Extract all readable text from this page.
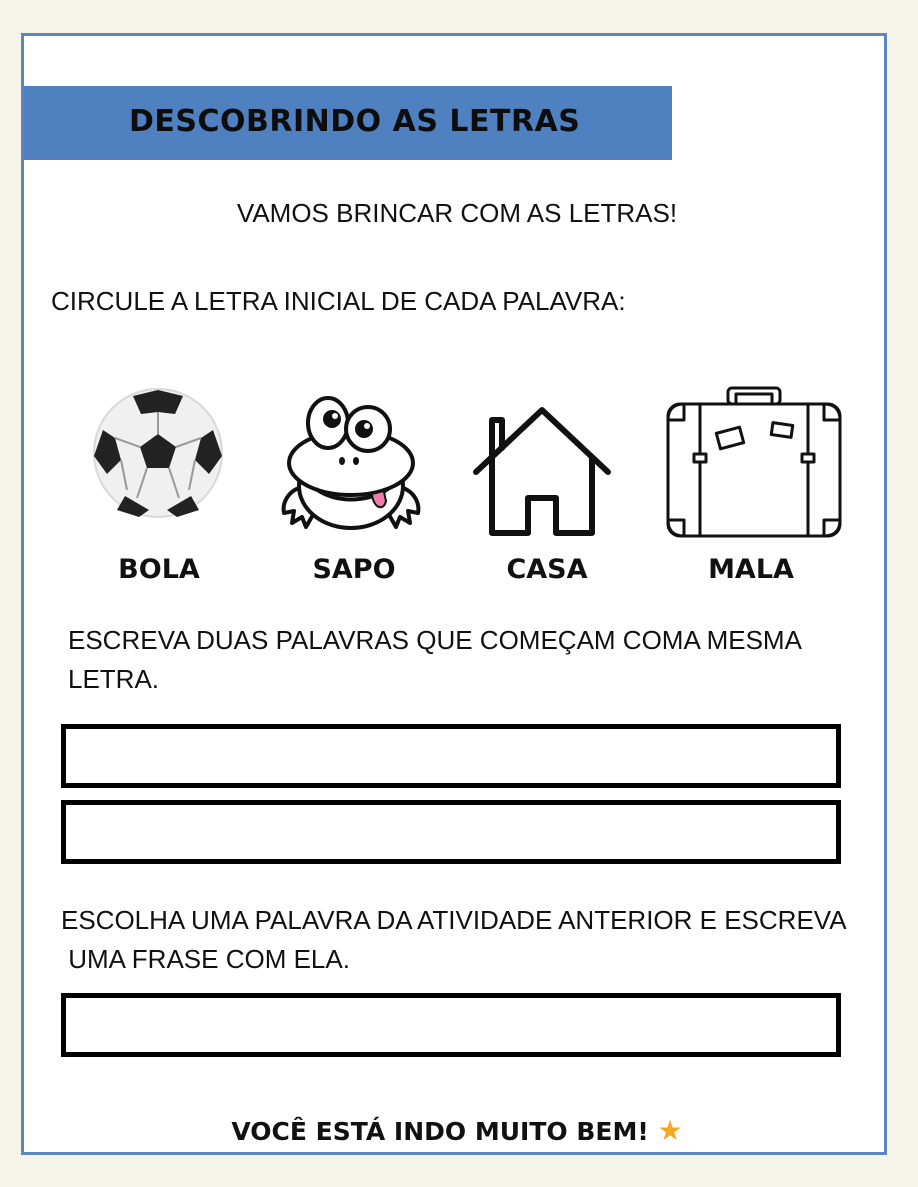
DESCOBRINDO AS LETRAS
VAMOS BRINCAR COM AS LETRAS!
CIRCULE A LETRA INICIAL DE CADA PALAVRA:
BOLA	SAPO	CASA	MALA
ESCREVA DUAS PALAVRAS QUE COMEÇAM COMA MESMA
LETRA.
ESCOLHA UMA PALAVRA DA ATIVIDADE ANTERIOR E ESCREVA
UMA FRASE COM ELA.
VOCÊ ESTÁ INDO MUITO BEM! ★
